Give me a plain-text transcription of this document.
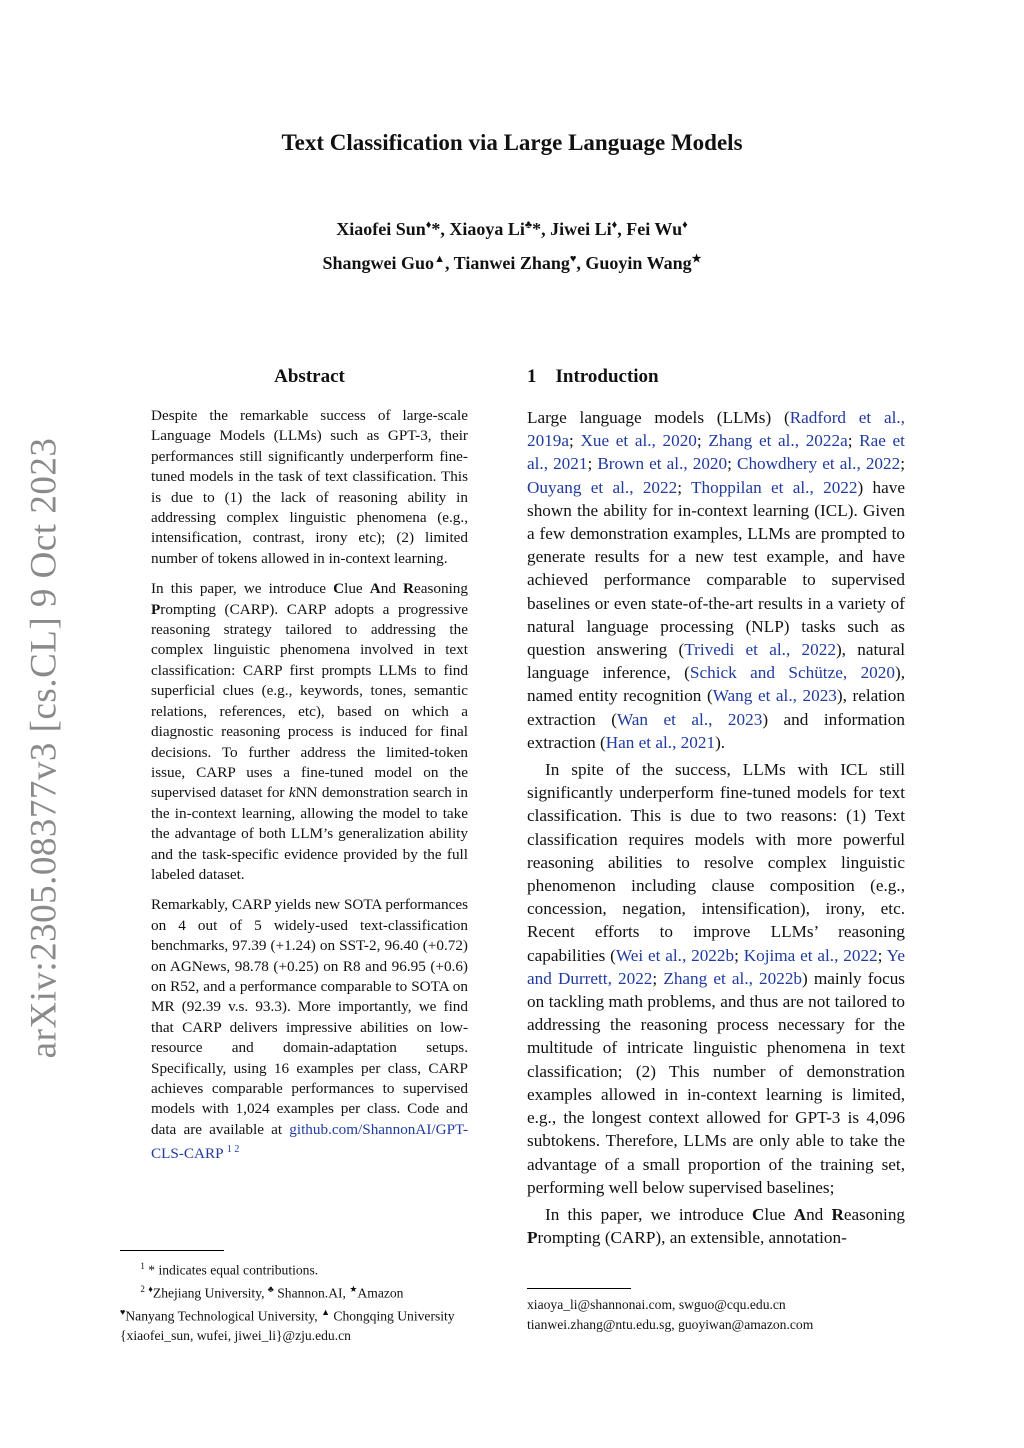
arXiv:2305.08377v3 [cs.CL] 9 Oct 2023
Text Classification via Large Language Models
Xiaofei Sun♦*, Xiaoya Li♣*, Jiwei Li♦, Fei Wu♦
Shangwei Guo▲, Tianwei Zhang♥, Guoyin Wang★
Abstract

Despite the remarkable success of large-scale Language Models (LLMs) such as GPT-3, their performances still significantly underperform fine-tuned models in the task of text classification. This is due to (1) the lack of reasoning ability in addressing complex linguistic phenomena (e.g., intensification, contrast, irony etc); (2) limited number of tokens allowed in in-context learning.

In this paper, we introduce Clue And Reasoning Prompting (CARP). CARP adopts a progressive reasoning strategy tailored to addressing the complex linguistic phenomena involved in text classification: CARP first prompts LLMs to find superficial clues (e.g., keywords, tones, semantic relations, references, etc), based on which a diagnostic reasoning process is induced for final decisions. To further address the limited-token issue, CARP uses a fine-tuned model on the supervised dataset for kNN demonstration search in the in-context learning, allowing the model to take the advantage of both LLM’s generalization ability and the task-specific evidence provided by the full labeled dataset.

Remarkably, CARP yields new SOTA performances on 4 out of 5 widely-used text-classification benchmarks, 97.39 (+1.24) on SST-2, 96.40 (+0.72) on AGNews, 98.78 (+0.25) on R8 and 96.95 (+0.6) on R52, and a performance comparable to SOTA on MR (92.39 v.s. 93.3). More importantly, we find that CARP delivers impressive abilities on low-resource and domain-adaptation setups. Specifically, using 16 examples per class, CARP achieves comparable performances to supervised models with 1,024 examples per class. Code and data are available at github.com/ShannonAI/GPT-CLS-CARP $^{1 2}$

1 Introduction

Large language models (LLMs) (Radford et al., 2019a; Xue et al., 2020; Zhang et al., 2022a; Rae et al., 2021; Brown et al., 2020; Chowdhery et al., 2022; Ouyang et al., 2022; Thoppilan et al., 2022) have shown the ability for in-context learning (ICL). Given a few demonstration examples, LLMs are prompted to generate results for a new test example, and have achieved performance comparable to supervised baselines or even state-of-the-art results in a variety of natural language processing (NLP) tasks such as question answering (Trivedi et al., 2022), natural language inference, (Schick and Schütze, 2020), named entity recognition (Wang et al., 2023), relation extraction (Wan et al., 2023) and information extraction (Han et al., 2021).

In spite of the success, LLMs with ICL still significantly underperform fine-tuned models for text classification. This is due to two reasons: (1) Text classification requires models with more powerful reasoning abilities to resolve complex linguistic phenomenon including clause composition (e.g., concession, negation, intensification), irony, etc. Recent efforts to improve LLMs’ reasoning capabilities (Wei et al., 2022b; Kojima et al., 2022; Ye and Durrett, 2022; Zhang et al., 2022b) mainly focus on tackling math problems, and thus are not tailored to addressing the reasoning process necessary for the multitude of intricate linguistic phenomena in text classification; (2) This number of demonstration examples allowed in in-context learning is limited, e.g., the longest context allowed for GPT-3 is 4,096 subtokens. Therefore, LLMs are only able to take the advantage of a small proportion of the training set, performing well below supervised baselines;

In this paper, we introduce Clue And Reasoning Prompting (CARP), an extensible, annotation-

$^1$ * indicates equal contributions.

$^2$ ♦Zhejiang University, ♣ Shannon.AI, ★Amazon

♥Nanyang Technological University, ▲ Chongqing University

{xiaofei_sun, wufei, jiwei_li}@zju.edu.cn

xiaoya_li@shannonai.com, swguo@cqu.edu.cn

tianwei.zhang@ntu.edu.sg, guoyiwan@amazon.com
